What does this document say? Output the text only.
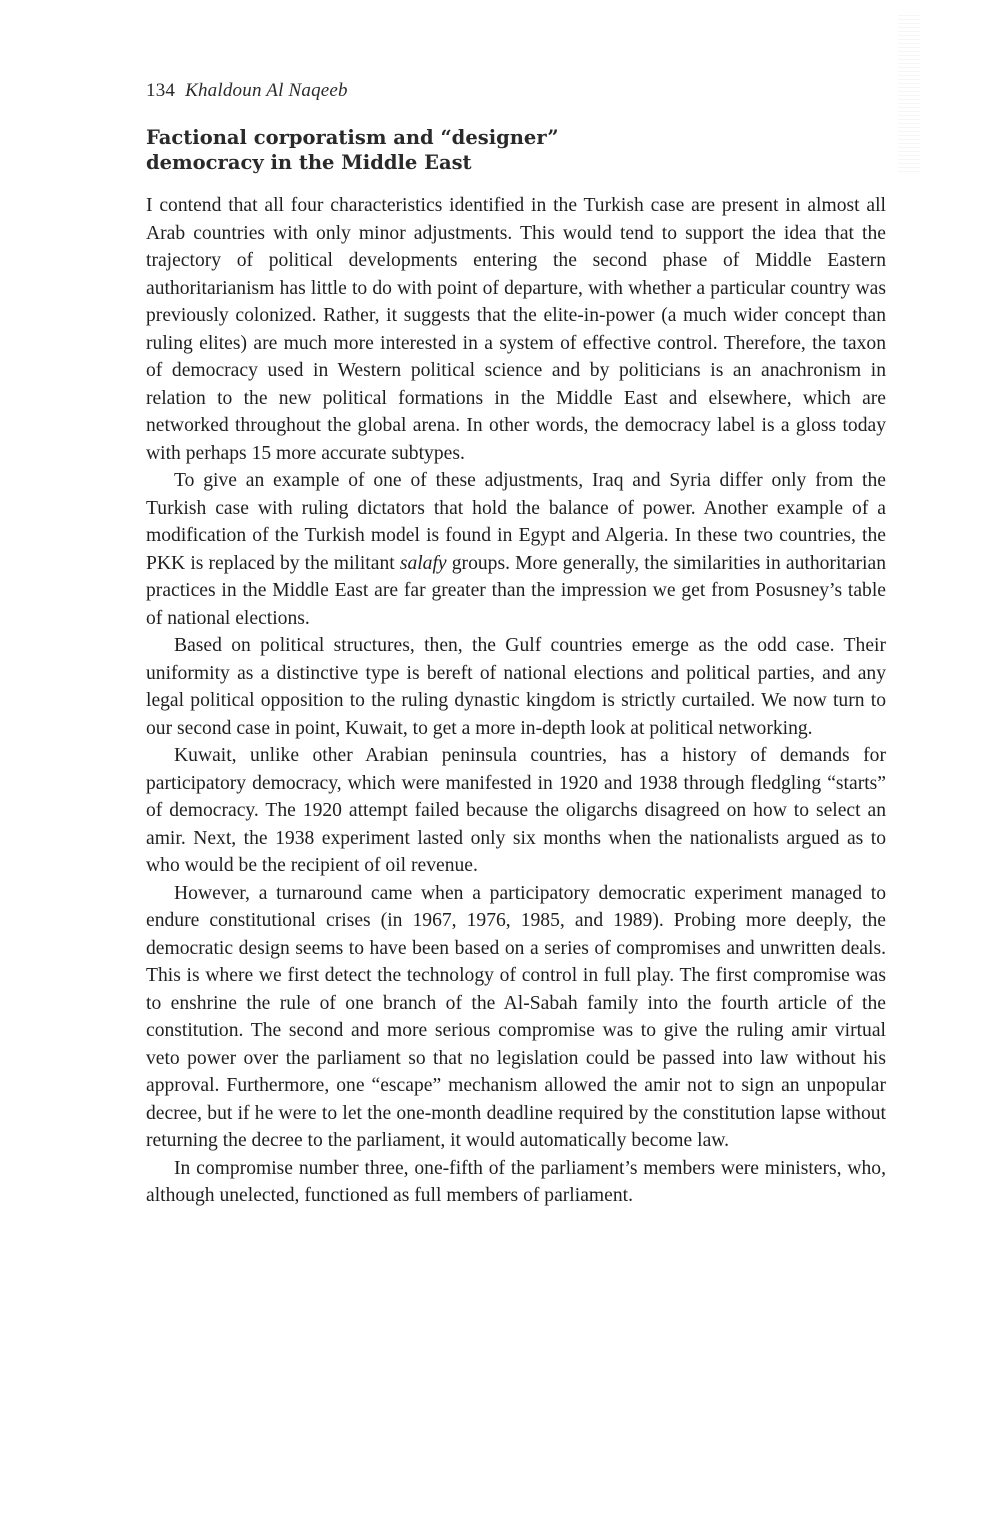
134 Khaldoun Al Naqeeb
Factional corporatism and “designer”
democracy in the Middle East

I contend that all four characteristics identified in the Turkish case are present in almost all Arab countries with only minor adjustments. This would tend to support the idea that the trajectory of political developments entering the second phase of Middle Eastern authoritarianism has little to do with point of departure, with whether a particular country was previously colonized. Rather, it suggests that the elite-in-power (a much wider concept than ruling elites) are much more interested in a system of effective control. Therefore, the taxon of democracy used in Western political science and by politicians is an anachronism in relation to the new political formations in the Middle East and elsewhere, which are networked throughout the global arena. In other words, the democracy label is a gloss today with perhaps 15 more accurate subtypes.

To give an example of one of these adjustments, Iraq and Syria differ only from the Turkish case with ruling dictators that hold the balance of power. Another example of a modification of the Turkish model is found in Egypt and Algeria. In these two countries, the PKK is replaced by the militant salafy groups. More generally, the similarities in authoritarian practices in the Middle East are far greater than the impression we get from Posusney’s table of national elections.

Based on political structures, then, the Gulf countries emerge as the odd case. Their uniformity as a distinctive type is bereft of national elections and political parties, and any legal political opposition to the ruling dynastic kingdom is strictly curtailed. We now turn to our second case in point, Kuwait, to get a more in-depth look at political networking.

Kuwait, unlike other Arabian peninsula countries, has a history of demands for participatory democracy, which were manifested in 1920 and 1938 through fledgling “starts” of democracy. The 1920 attempt failed because the oligarchs disagreed on how to select an amir. Next, the 1938 experiment lasted only six months when the nationalists argued as to who would be the recipient of oil revenue.

However, a turnaround came when a participatory democratic experiment managed to endure constitutional crises (in 1967, 1976, 1985, and 1989). Probing more deeply, the democratic design seems to have been based on a series of compromises and unwritten deals. This is where we first detect the technology of control in full play. The first compromise was to enshrine the rule of one branch of the Al-Sabah family into the fourth article of the constitution. The second and more serious compromise was to give the ruling amir virtual veto power over the parliament so that no legislation could be passed into law without his approval. Furthermore, one “escape” mechanism allowed the amir not to sign an unpopular decree, but if he were to let the one-month deadline required by the constitution lapse without returning the decree to the parliament, it would automatically become law.

In compromise number three, one-fifth of the parliament’s members were ministers, who, although unelected, functioned as full members of parliament.
